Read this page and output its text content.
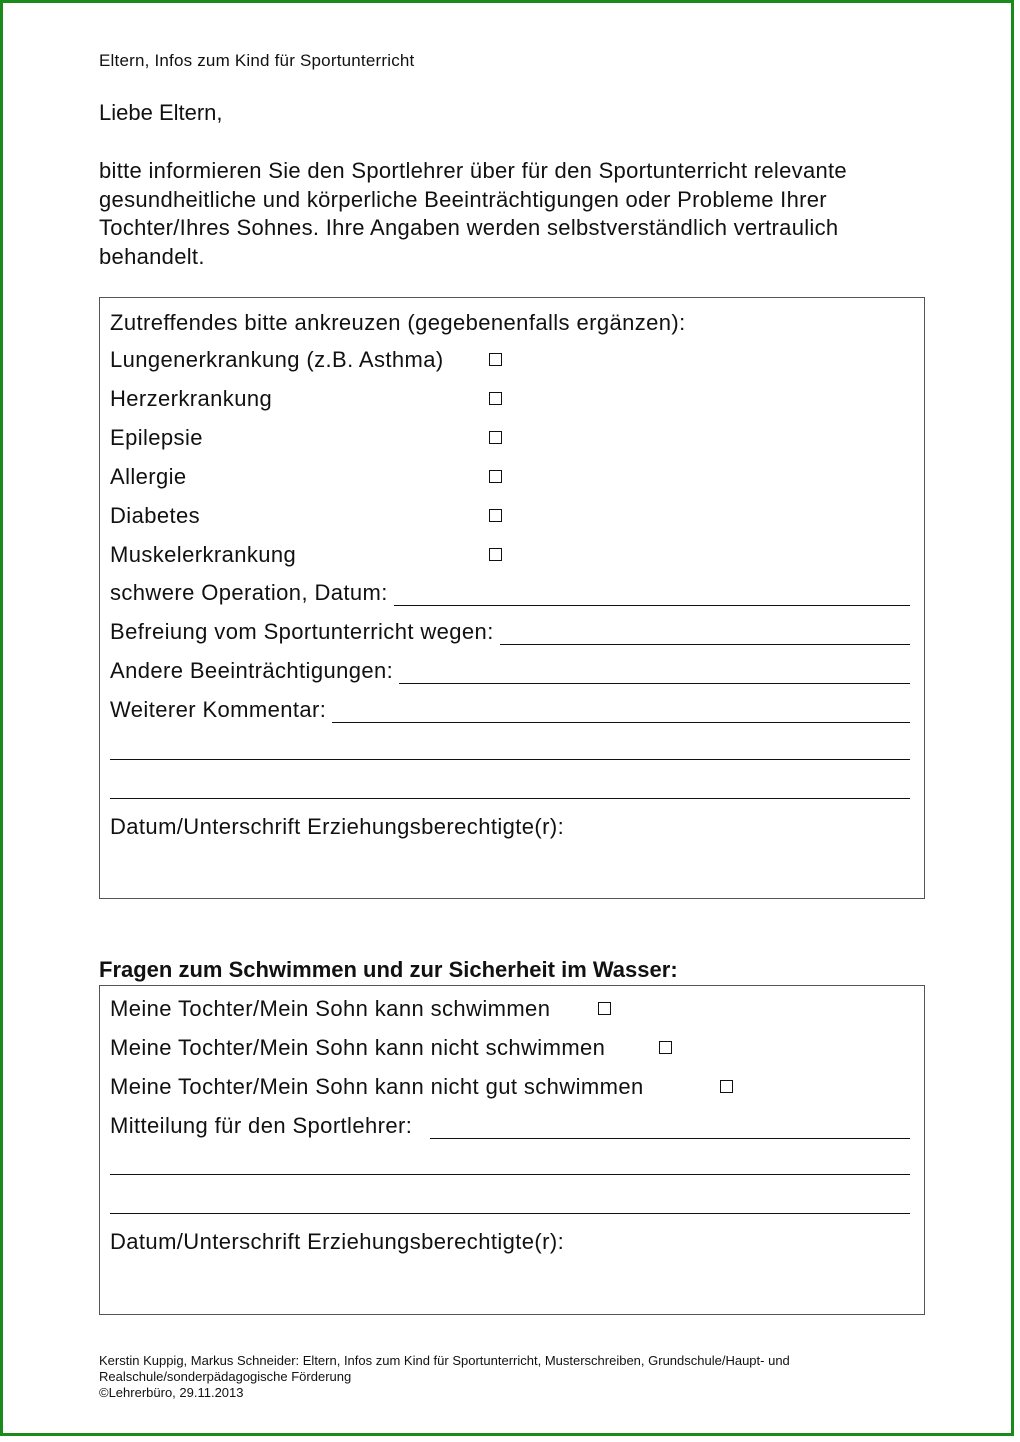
Eltern, Infos zum Kind für Sportunterricht
Liebe Eltern,
bitte informieren Sie den Sportlehrer über für den Sportunterricht relevante gesundheitliche und körperliche Beeinträchtigungen oder Probleme Ihrer Tochter/Ihres Sohnes. Ihre Angaben werden selbstverständlich vertraulich behandelt.
Zutreffendes bitte ankreuzen (gegebenenfalls ergänzen):
Lungenerkrankung (z.B. Asthma)
Herzerkrankung
Epilepsie
Allergie
Diabetes
Muskelerkrankung
schwere Operation, Datum:
Befreiung vom Sportunterricht wegen:
Andere Beeinträchtigungen:
Weiterer Kommentar:
Datum/Unterschrift Erziehungsberechtigte(r):
Fragen zum Schwimmen und zur Sicherheit im Wasser:
Meine Tochter/Mein Sohn kann schwimmen
Meine Tochter/Mein Sohn kann nicht schwimmen
Meine Tochter/Mein Sohn kann nicht gut schwimmen
Mitteilung für den Sportlehrer:
Datum/Unterschrift Erziehungsberechtigte(r):
Kerstin Kuppig, Markus Schneider: Eltern, Infos zum Kind für Sportunterricht, Musterschreiben, Grundschule/Haupt- und
Realschule/sonderpädagogische Förderung
©Lehrerbüro, 29.11.2013
